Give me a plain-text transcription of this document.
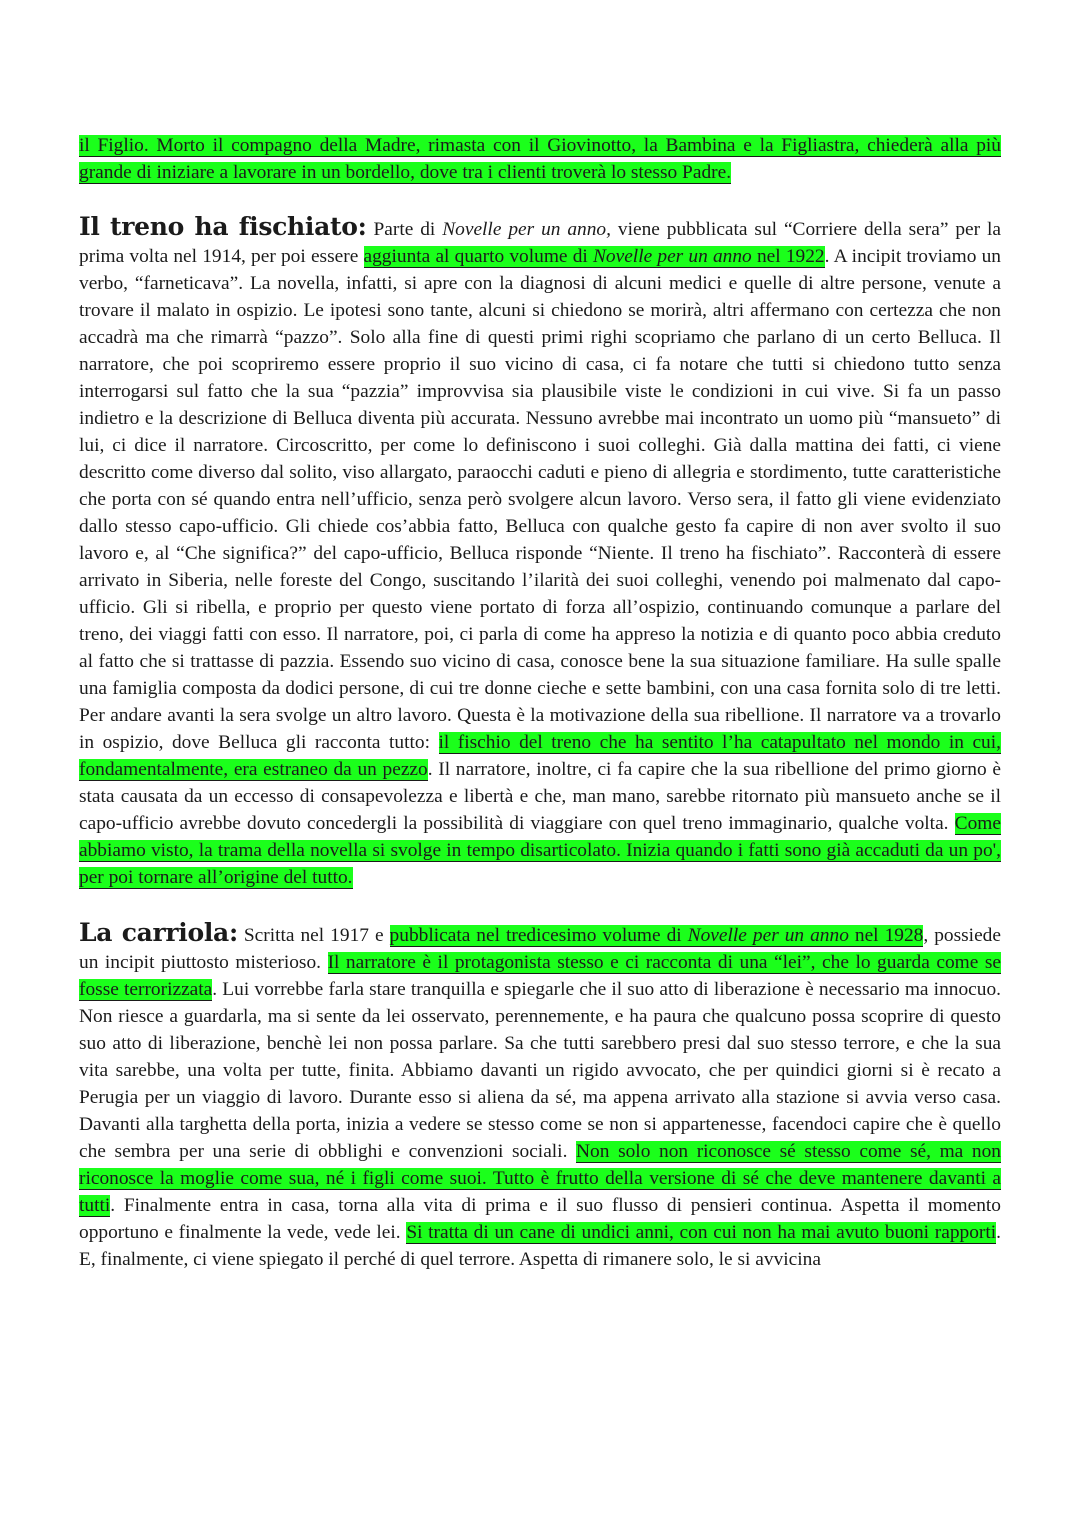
il Figlio. Morto il compagno della Madre, rimasta con il Giovinotto, la Bambina e la Figliastra, chiederà alla più grande di iniziare a lavorare in un bordello, dove tra i clienti troverà lo stesso Padre.

Il treno ha fischiato: Parte di Novelle per un anno, viene pubblicata sul “Corriere della sera” per la prima volta nel 1914, per poi essere aggiunta al quarto volume di Novelle per un anno nel 1922. A incipit troviamo un verbo, “farneticava”. La novella, infatti, si apre con la diagnosi di alcuni medici e quelle di altre persone, venute a trovare il malato in ospizio. Le ipotesi sono tante, alcuni si chiedono se morirà, altri affermano con certezza che non accadrà ma che rimarrà “pazzo”. Solo alla fine di questi primi righi scopriamo che parlano di un certo Belluca. Il narratore, che poi scopriremo essere proprio il suo vicino di casa, ci fa notare che tutti si chiedono tutto senza interrogarsi sul fatto che la sua “pazzia” improvvisa sia plausibile viste le condizioni in cui vive. Si fa un passo indietro e la descrizione di Belluca diventa più accurata. Nessuno avrebbe mai incontrato un uomo più “mansueto” di lui, ci dice il narratore. Circoscritto, per come lo definiscono i suoi colleghi. Già dalla mattina dei fatti, ci viene descritto come diverso dal solito, viso allargato, paraocchi caduti e pieno di allegria e stordimento, tutte caratteristiche che porta con sé quando entra nell’ufficio, senza però svolgere alcun lavoro. Verso sera, il fatto gli viene evidenziato dallo stesso capo-ufficio. Gli chiede cos’abbia fatto, Belluca con qualche gesto fa capire di non aver svolto il suo lavoro e, al “Che significa?” del capo-ufficio, Belluca risponde “Niente. Il treno ha fischiato”. Racconterà di essere arrivato in Siberia, nelle foreste del Congo, suscitando l’ilarità dei suoi colleghi, venendo poi malmenato dal capo-ufficio. Gli si ribella, e proprio per questo viene portato di forza all’ospizio, continuando comunque a parlare del treno, dei viaggi fatti con esso. Il narratore, poi, ci parla di come ha appreso la notizia e di quanto poco abbia creduto al fatto che si trattasse di pazzia. Essendo suo vicino di casa, conosce bene la sua situazione familiare. Ha sulle spalle una famiglia composta da dodici persone, di cui tre donne cieche e sette bambini, con una casa fornita solo di tre letti. Per andare avanti la sera svolge un altro lavoro. Questa è la motivazione della sua ribellione. Il narratore va a trovarlo in ospizio, dove Belluca gli racconta tutto: il fischio del treno che ha sentito l’ha catapultato nel mondo in cui, fondamentalmente, era estraneo da un pezzo. Il narratore, inoltre, ci fa capire che la sua ribellione del primo giorno è stata causata da un eccesso di consapevolezza e libertà e che, man mano, sarebbe ritornato più mansueto anche se il capo-ufficio avrebbe dovuto concedergli la possibilità di viaggiare con quel treno immaginario, qualche volta. Come abbiamo visto, la trama della novella si svolge in tempo disarticolato. Inizia quando i fatti sono già accaduti da un po', per poi tornare all’origine del tutto.

La carriola: Scritta nel 1917 e pubblicata nel tredicesimo volume di Novelle per un anno nel 1928, possiede un incipit piuttosto misterioso. Il narratore è il protagonista stesso e ci racconta di una “lei”, che lo guarda come se fosse terrorizzata. Lui vorrebbe farla stare tranquilla e spiegarle che il suo atto di liberazione è necessario ma innocuo. Non riesce a guardarla, ma si sente da lei osservato, perennemente, e ha paura che qualcuno possa scoprire di questo suo atto di liberazione, benchè lei non possa parlare. Sa che tutti sarebbero presi dal suo stesso terrore, e che la sua vita sarebbe, una volta per tutte, finita. Abbiamo davanti un rigido avvocato, che per quindici giorni si è recato a Perugia per un viaggio di lavoro. Durante esso si aliena da sé, ma appena arrivato alla stazione si avvia verso casa. Davanti alla targhetta della porta, inizia a vedere se stesso come se non si appartenesse, facendoci capire che è quello che sembra per una serie di obblighi e convenzioni sociali. Non solo non riconosce sé stesso come sé, ma non riconosce la moglie come sua, né i figli come suoi. Tutto è frutto della versione di sé che deve mantenere davanti a tutti. Finalmente entra in casa, torna alla vita di prima e il suo flusso di pensieri continua. Aspetta il momento opportuno e finalmente la vede, vede lei. Si tratta di un cane di undici anni, con cui non ha mai avuto buoni rapporti. E, finalmente, ci viene spiegato il perché di quel terrore. Aspetta di rimanere solo, le si avvicina
